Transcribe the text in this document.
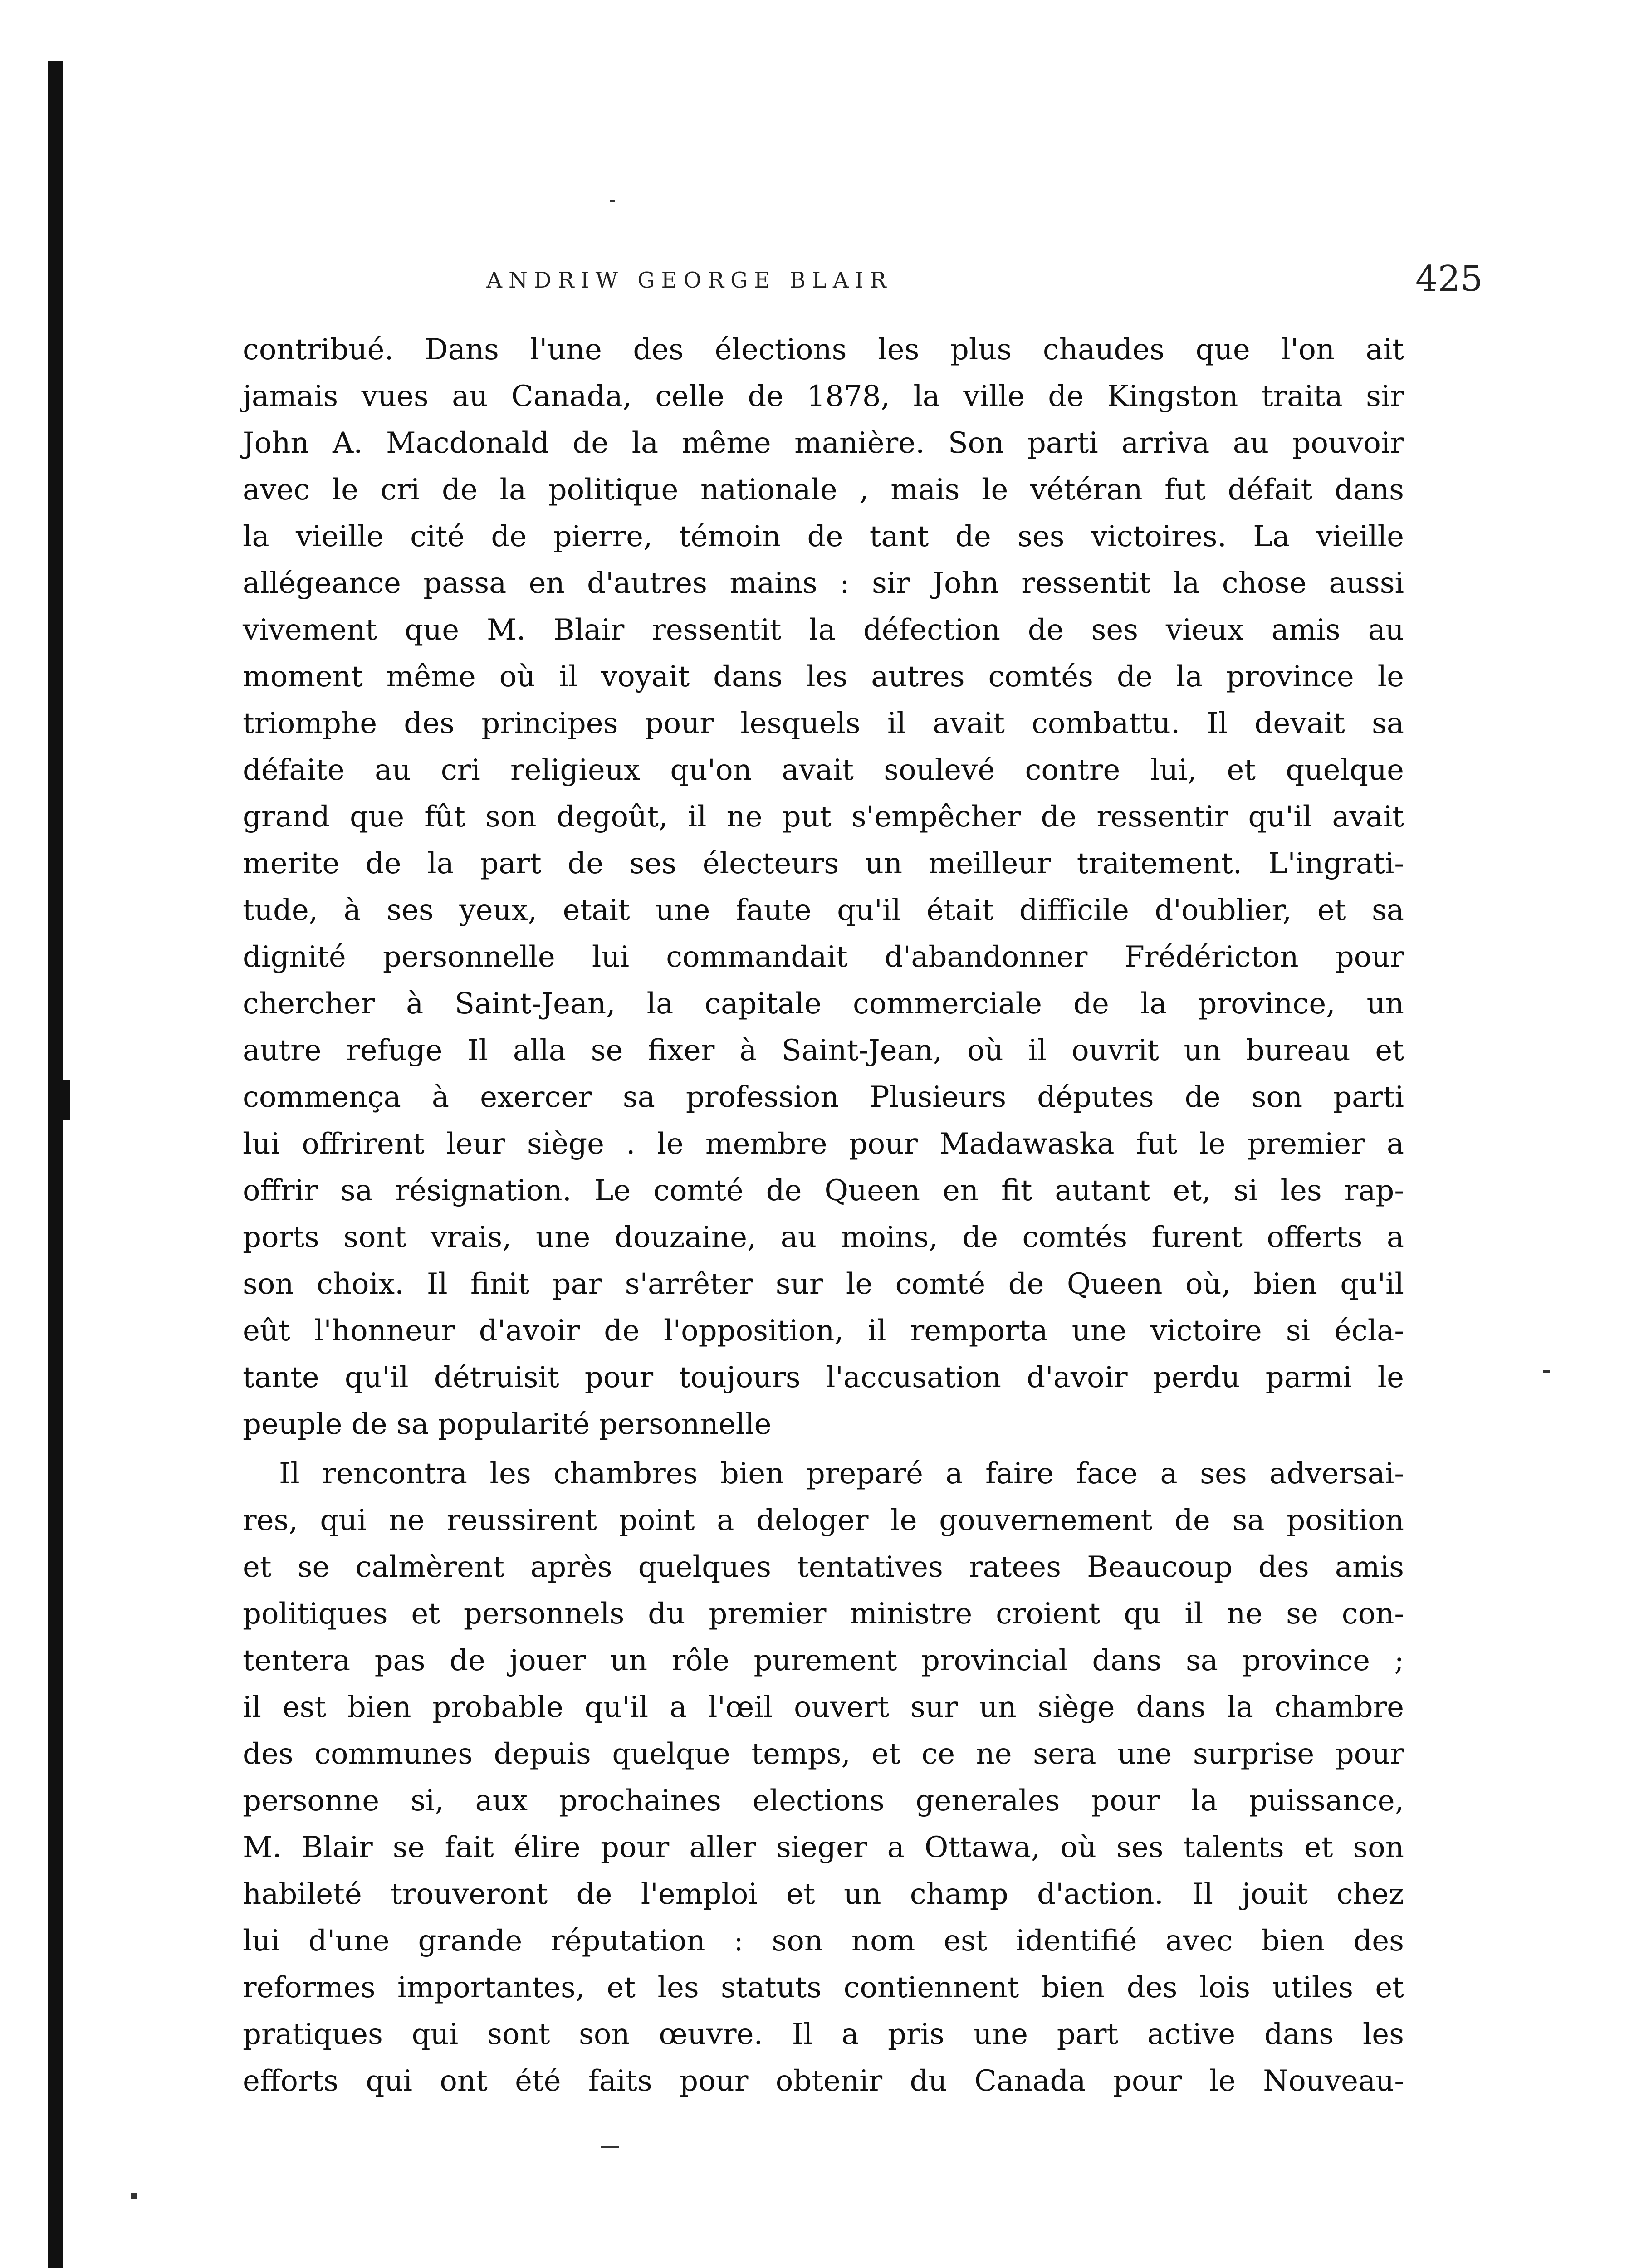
ANDRIW GEORGE BLAIR	425
contribué. Dans l'une des élections les plus chaudes que l'on ait
jamais vues au Canada, celle de 1878, la ville de Kingston traita sir
John A. Macdonald de la même manière. Son parti arriva au pouvoir
avec le cri de la politique nationale , mais le vétéran fut défait dans
la vieille cité de pierre, témoin de tant de ses victoires. La vieille
allégeance passa en d'autres mains : sir John ressentit la chose aussi
vivement que M. Blair ressentit la défection de ses vieux amis au
moment même où il voyait dans les autres comtés de la province le
triomphe des principes pour lesquels il avait combattu. Il devait sa
défaite au cri religieux qu'on avait soulevé contre lui, et quelque
grand que fût son degoût, il ne put s'empêcher de ressentir qu'il avait
merite de la part de ses électeurs un meilleur traitement. L'ingrati-
tude, à ses yeux, etait une faute qu'il était difficile d'oublier, et sa
dignité personnelle lui commandait d'abandonner Frédéricton pour
chercher à Saint-Jean, la capitale commerciale de la province, un
autre refuge Il alla se fixer à Saint-Jean, où il ouvrit un bureau et
commença à exercer sa profession Plusieurs députes de son parti
lui offrirent leur siège . le membre pour Madawaska fut le premier a
offrir sa résignation. Le comté de Queen en fit autant et, si les rap-
ports sont vrais, une douzaine, au moins, de comtés furent offerts a
son choix. Il finit par s'arrêter sur le comté de Queen où, bien qu'il
eût l'honneur d'avoir de l'opposition, il remporta une victoire si écla-
tante qu'il détruisit pour toujours l'accusation d'avoir perdu parmi le
peuple de sa popularité personnelle
Il rencontra les chambres bien preparé a faire face a ses adversai-
res, qui ne reussirent point a deloger le gouvernement de sa position
et se calmèrent après quelques tentatives ratees Beaucoup des amis
politiques et personnels du premier ministre croient qu il ne se con-
tentera pas de jouer un rôle purement provincial dans sa province ;
il est bien probable qu'il a l'œil ouvert sur un siège dans la chambre
des communes depuis quelque temps, et ce ne sera une surprise pour
personne si, aux prochaines elections generales pour la puissance,
M. Blair se fait élire pour aller sieger a Ottawa, où ses talents et son
habileté trouveront de l'emploi et un champ d'action. Il jouit chez
lui d'une grande réputation : son nom est identifié avec bien des
reformes importantes, et les statuts contiennent bien des lois utiles et
pratiques qui sont son œuvre. Il a pris une part active dans les
efforts qui ont été faits pour obtenir du Canada pour le Nouveau-
